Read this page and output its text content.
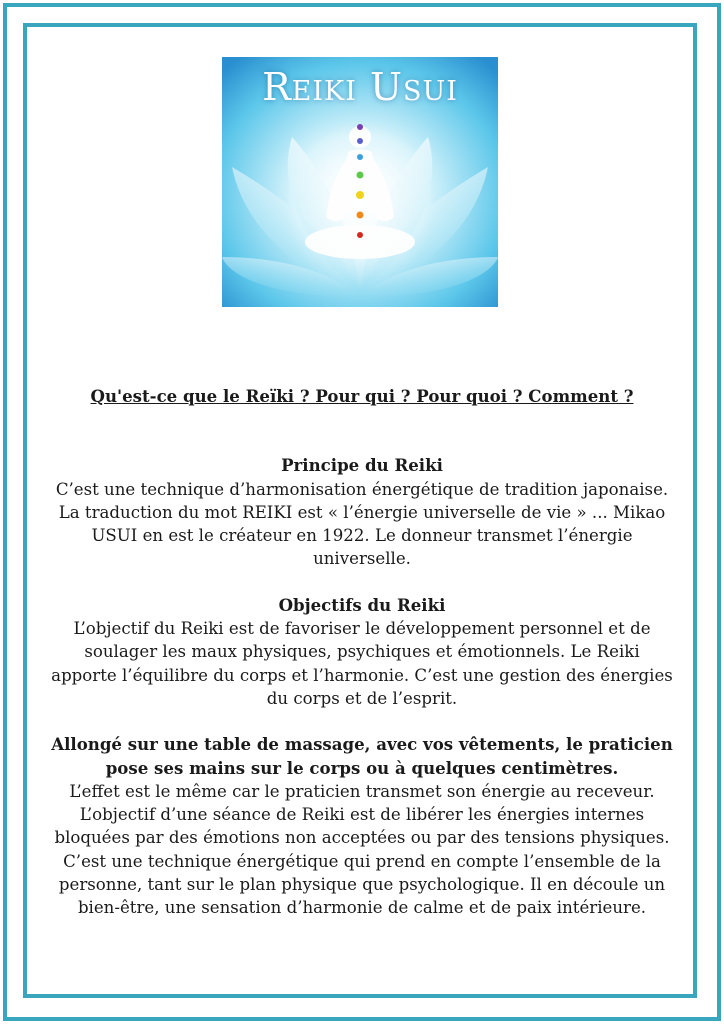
Reiki Usui

Qu'est-ce que le Reïki ? Pour qui ? Pour quoi ? Comment ?

Principe du Reiki

C’est une technique d’harmonisation énergétique de tradition japonaise. La traduction du mot REIKI est « l’énergie universelle de vie » ... Mikao USUI en est le créateur en 1922. Le donneur transmet l’énergie universelle.

Objectifs du Reiki

L’objectif du Reiki est de favoriser le développement personnel et de soulager les maux physiques, psychiques et émotionnels. Le Reiki apporte l’équilibre du corps et l’harmonie. C’est une gestion des énergies du corps et de l’esprit.

Allongé sur une table de massage, avec vos vêtements, le praticien pose ses mains sur le corps ou à quelques centimètres.

L’effet est le même car le praticien transmet son énergie au receveur. L’objectif d’une séance de Reiki est de libérer les énergies internes bloquées par des émotions non acceptées ou par des tensions physiques. C’est une technique énergétique qui prend en compte l’ensemble de la personne, tant sur le plan physique que psychologique. Il en découle un bien-être, une sensation d’harmonie de calme et de paix intérieure.
